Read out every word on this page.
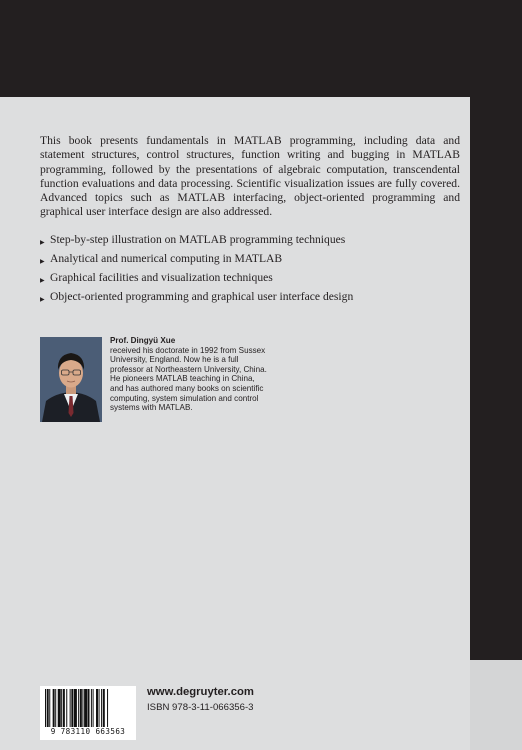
This book presents fundamentals in MATLAB programming, including data and statement structures, control structures, function writing and bugging in MATLAB programming, followed by the presentations of algebraic computation, transcendental function evaluations and data processing. Scientific visualization issues are fully covered. Advanced topics such as MATLAB interfacing, object-oriented programming and graphical user interface design are also addressed.

▶ Step-by-step illustration on MATLAB programming techniques
▶ Analytical and numerical computing in MATLAB
▶ Graphical facilities and visualization techniques
▶ Object-oriented programming and graphical user interface design

Prof. Dingyü Xue
received his doctorate in 1992 from Sussex University, England. Now he is a full professor at Northeastern University, China. He pioneers MATLAB teaching in China, and has authored many books on scientific computing, system simulation and control systems with MATLAB.

9 783110 663563
www.degruyter.com
ISBN 978-3-11-066356-3
